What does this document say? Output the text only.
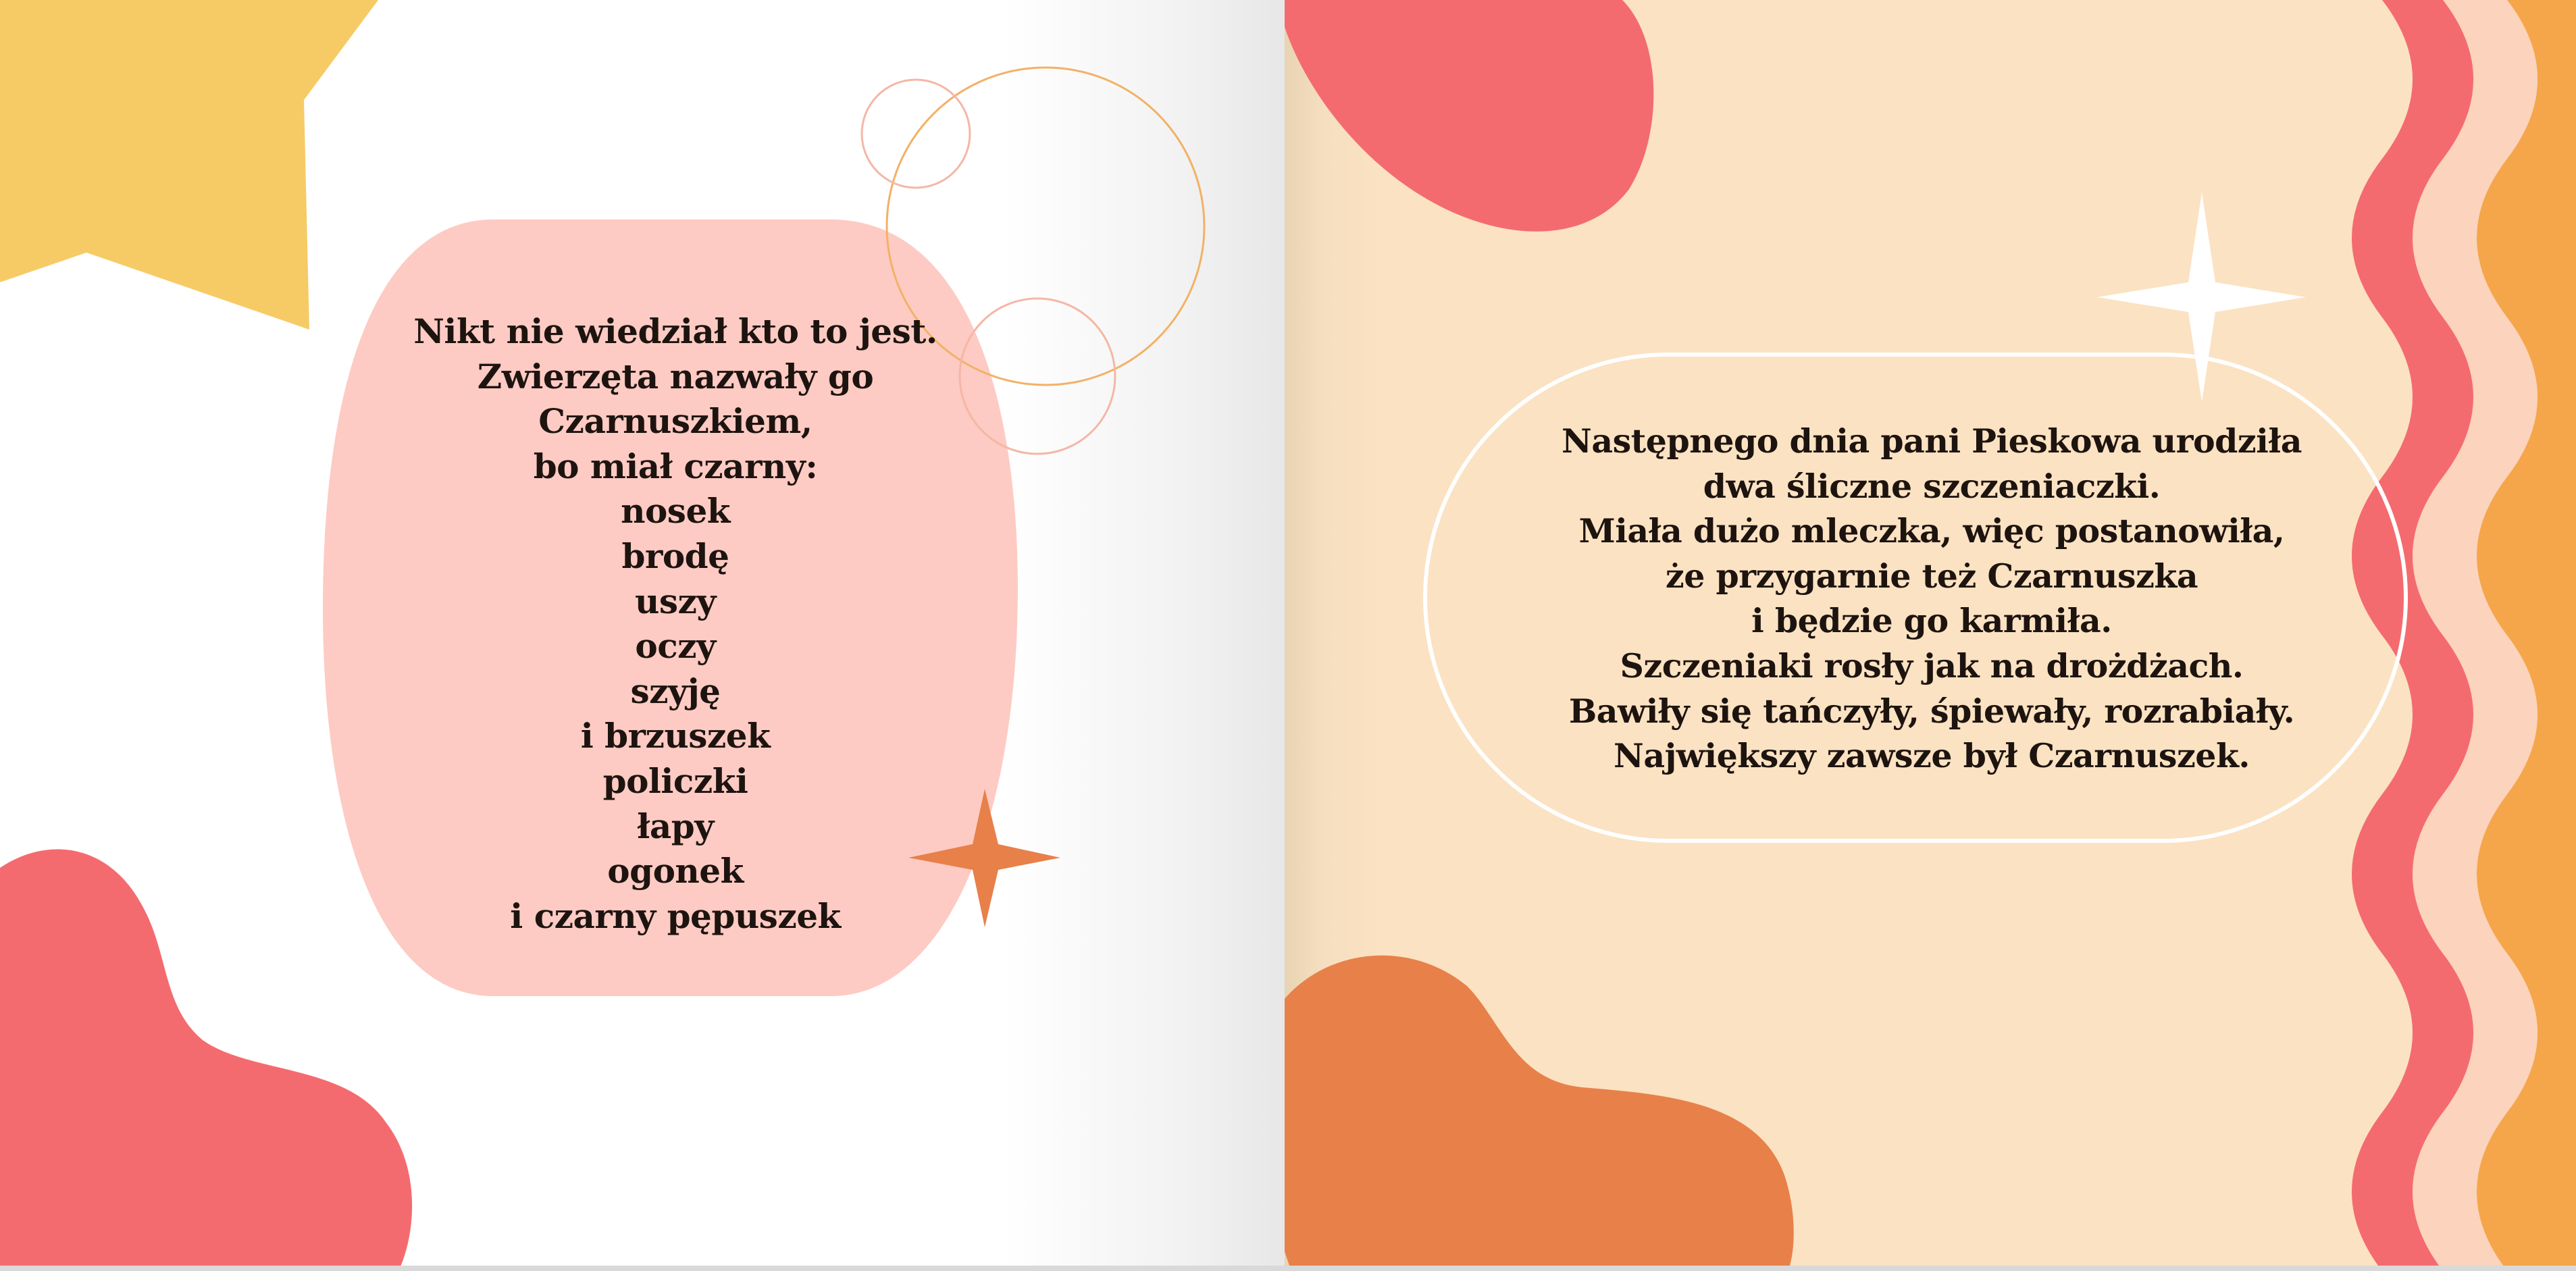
Nikt nie wiedział kto to jest.
Zwierzęta nazwały go
Czarnuszkiem,
bo miał czarny:
nosek
brodę
uszy
oczy
szyję
i brzuszek
policzki
łapy
ogonek
i czarny pępuszek

Następnego dnia pani Pieskowa urodziła
dwa śliczne szczeniaczki.
Miała dużo mleczka, więc postanowiła,
że przygarnie też Czarnuszka
i będzie go karmiła.
Szczeniaki rosły jak na drożdżach.
Bawiły się tańczyły, śpiewały, rozrabiały.
Największy zawsze był Czarnuszek.
